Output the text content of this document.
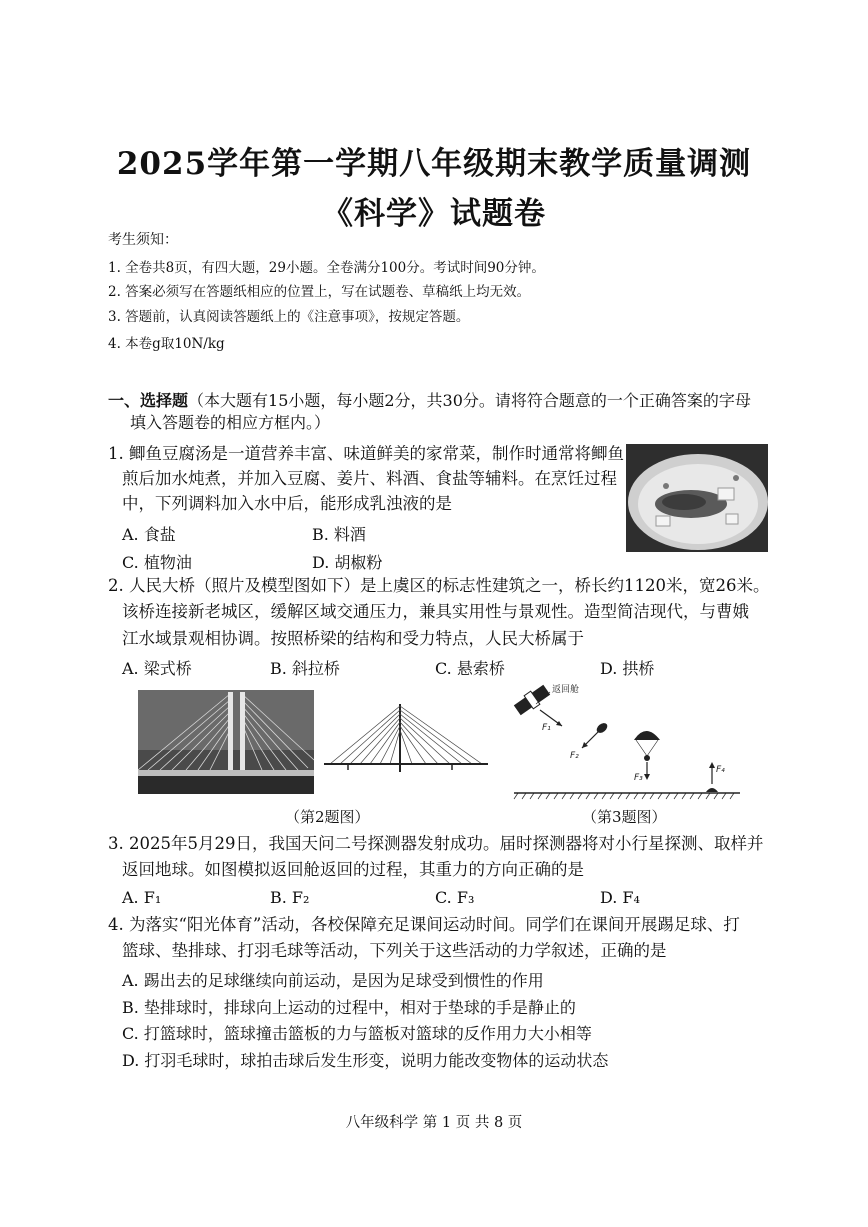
2025学年第一学期八年级期末教学质量调测
《科学》试题卷
考生须知：
1. 全卷共8页，有四大题，29小题。全卷满分100分。考试时间90分钟。
2. 答案必须写在答题纸相应的位置上，写在试题卷、草稿纸上均无效。
3. 答题前，认真阅读答题纸上的《注意事项》，按规定答题。
4. 本卷g取10N/kg
一、选择题（本大题有15小题，每小题2分，共30分。请将符合题意的一个正确答案的字母
填入答题卷的相应方框内。）
1. 鲫鱼豆腐汤是一道营养丰富、味道鲜美的家常菜，制作时通常将鲫鱼
煎后加水炖煮，并加入豆腐、姜片、料酒、食盐等辅料。在烹饪过程
中，下列调料加入水中后，能形成乳浊液的是
A. 食盐	B. 料酒
C. 植物油	D. 胡椒粉
2. 人民大桥（照片及模型图如下）是上虞区的标志性建筑之一，桥长约1120米，宽26米。
该桥连接新老城区，缓解区域交通压力，兼具实用性与景观性。造型简洁现代，与曹娥
江水域景观相协调。按照桥梁的结构和受力特点，人民大桥属于
A. 梁式桥	B. 斜拉桥	C. 悬索桥	D. 拱桥
返回舱
F₁
F₂
F₃
F₄
（第2题图）	（第3题图）
3. 2025年5月29日，我国天问二号探测器发射成功。届时探测器将对小行星探测、取样并
返回地球。如图模拟返回舱返回的过程，其重力的方向正确的是
A. F₁	B. F₂	C. F₃	D. F₄
4. 为落实“阳光体育”活动，各校保障充足课间运动时间。同学们在课间开展踢足球、打
篮球、垫排球、打羽毛球等活动，下列关于这些活动的力学叙述，正确的是
A. 踢出去的足球继续向前运动，是因为足球受到惯性的作用
B. 垫排球时，排球向上运动的过程中，相对于垫球的手是静止的
C. 打篮球时，篮球撞击篮板的力与篮板对篮球的反作用力大小相等
D. 打羽毛球时，球拍击球后发生形变，说明力能改变物体的运动状态
八年级科学 第 1 页 共 8 页
